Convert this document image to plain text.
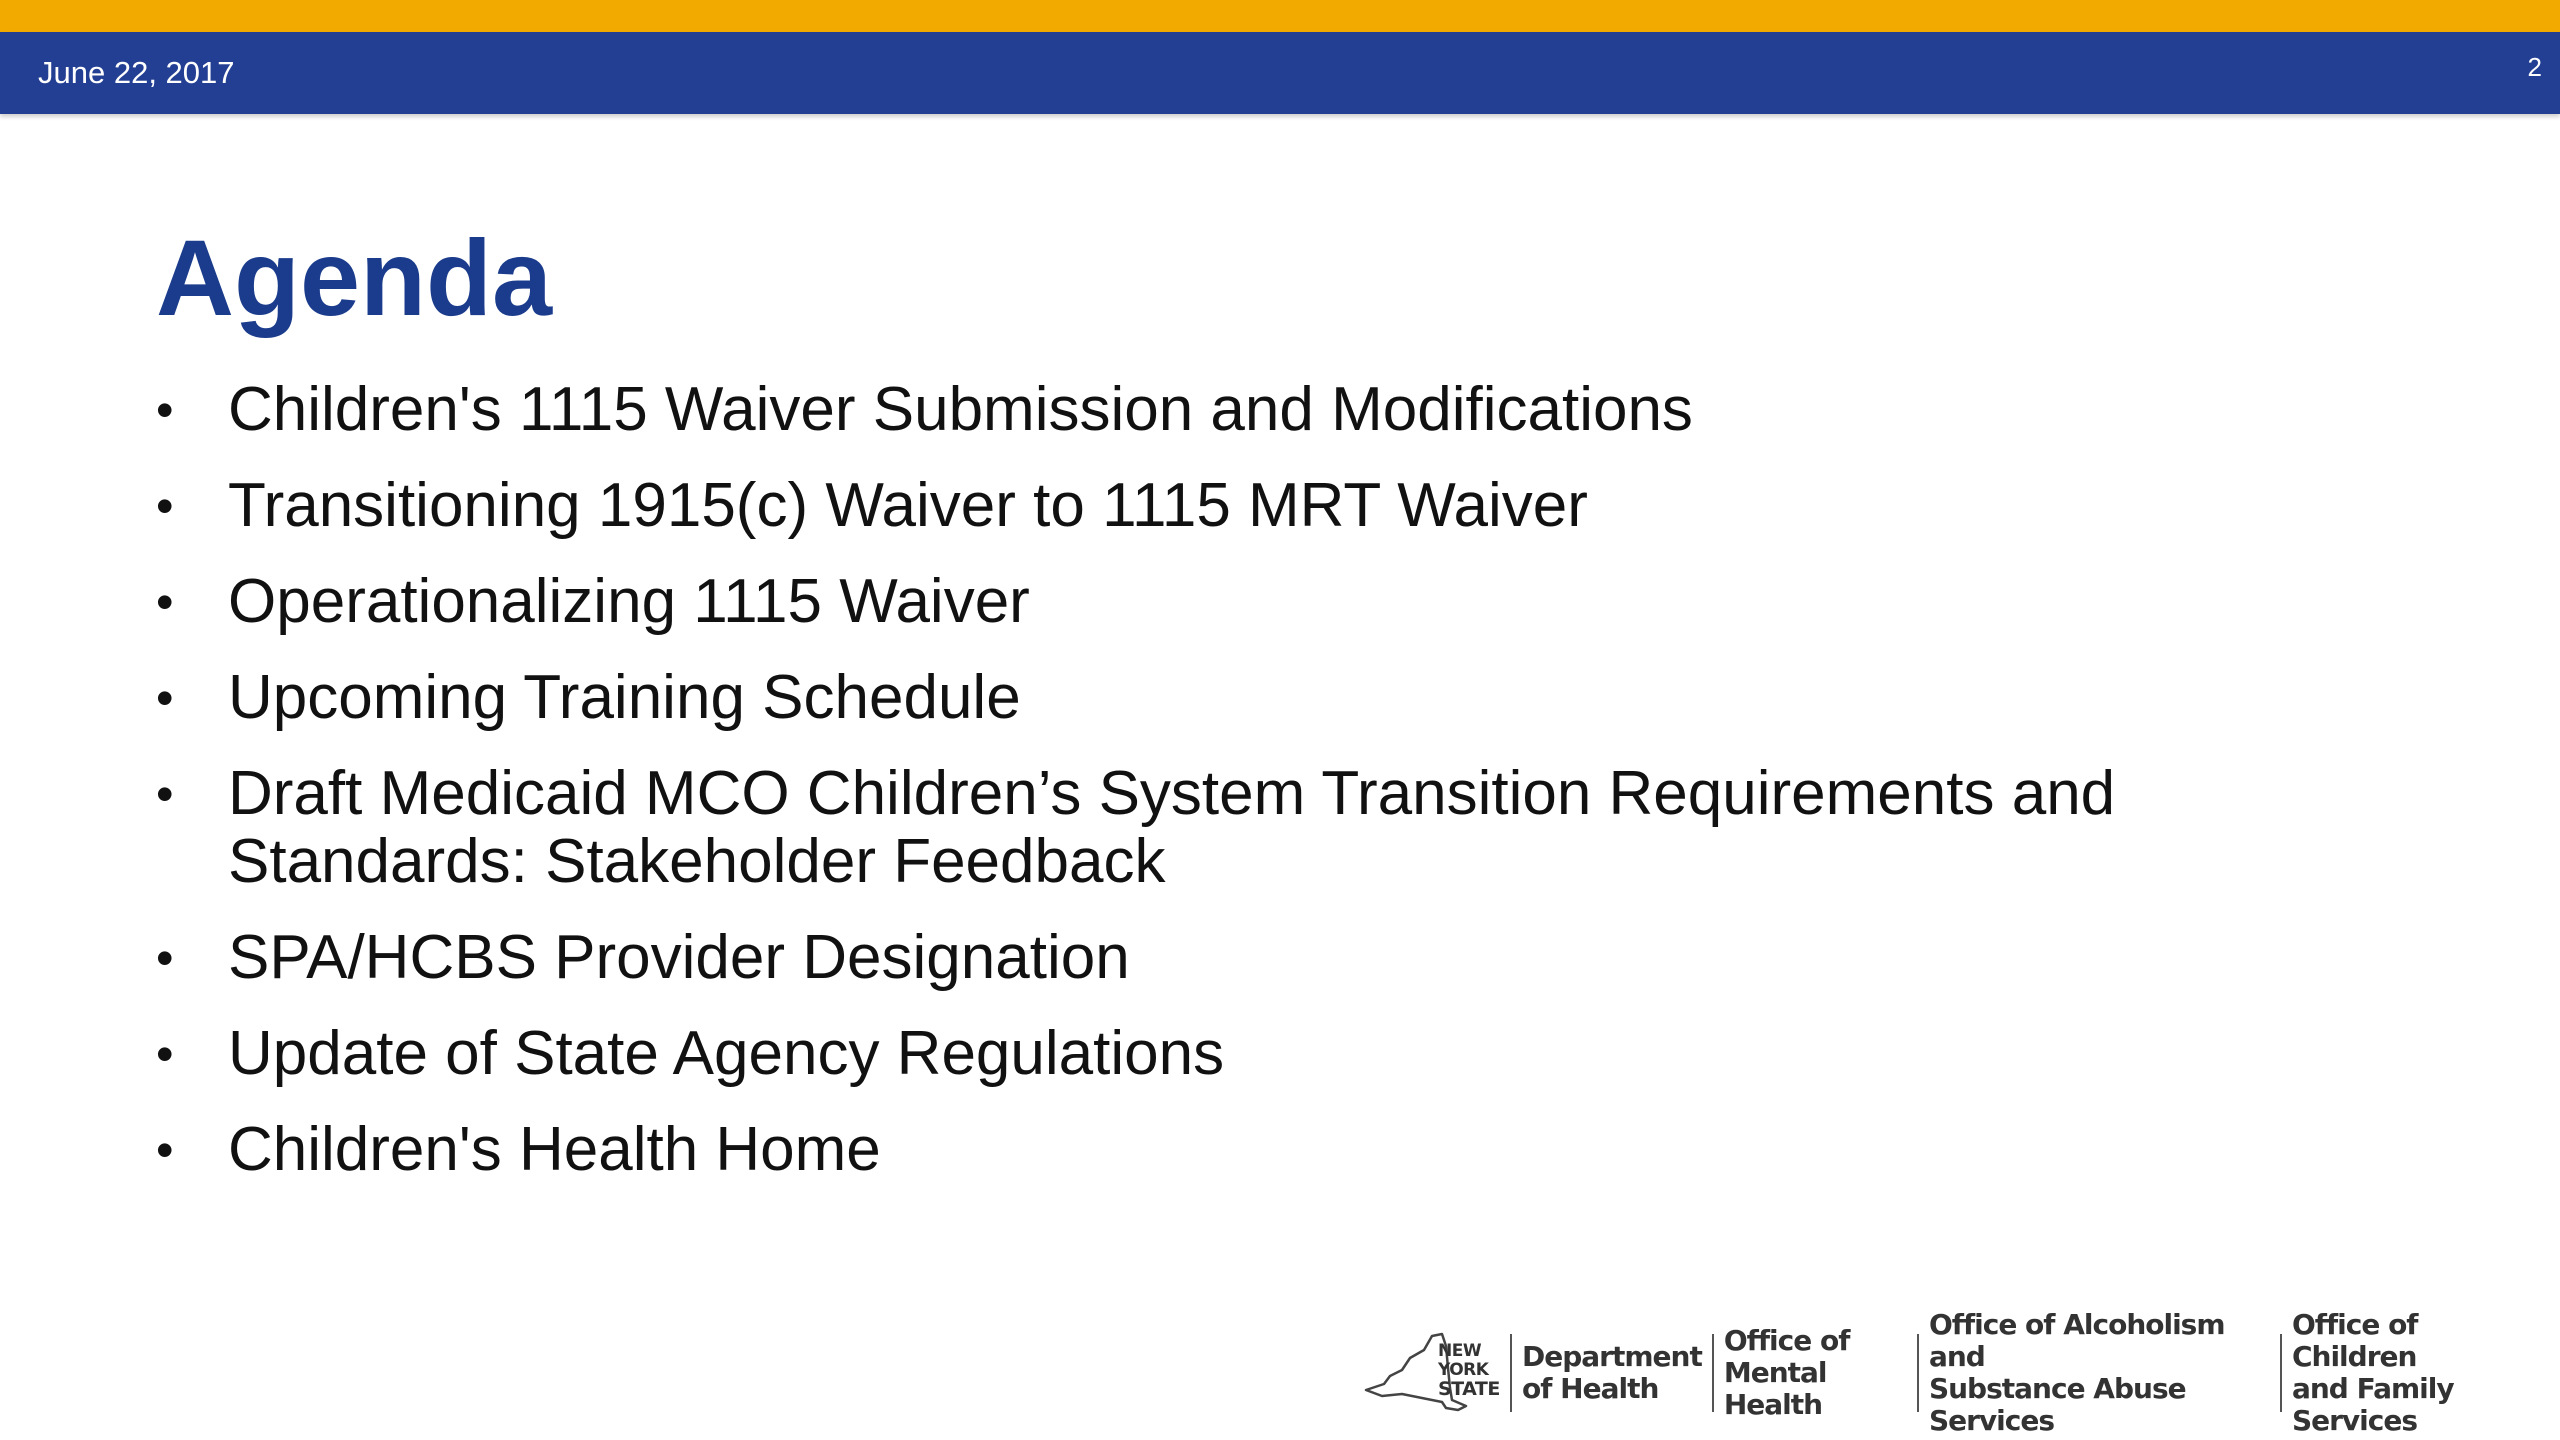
June 22, 2017	2
Agenda
• Children's 1115 Waiver Submission and Modifications
• Transitioning 1915(c) Waiver to 1115 MRT Waiver
• Operationalizing 1115 Waiver
• Upcoming Training Schedule
• Draft Medicaid MCO Children’s System Transition Requirements and Standards: Stakeholder Feedback
• SPA/HCBS Provider Designation
• Update of State Agency Regulations
• Children's Health Home
NEW
YORK
STATE
Department
of Health
Office of
Mental Health
Office of Alcoholism and
Substance Abuse Services
Office of Children
and Family Services
